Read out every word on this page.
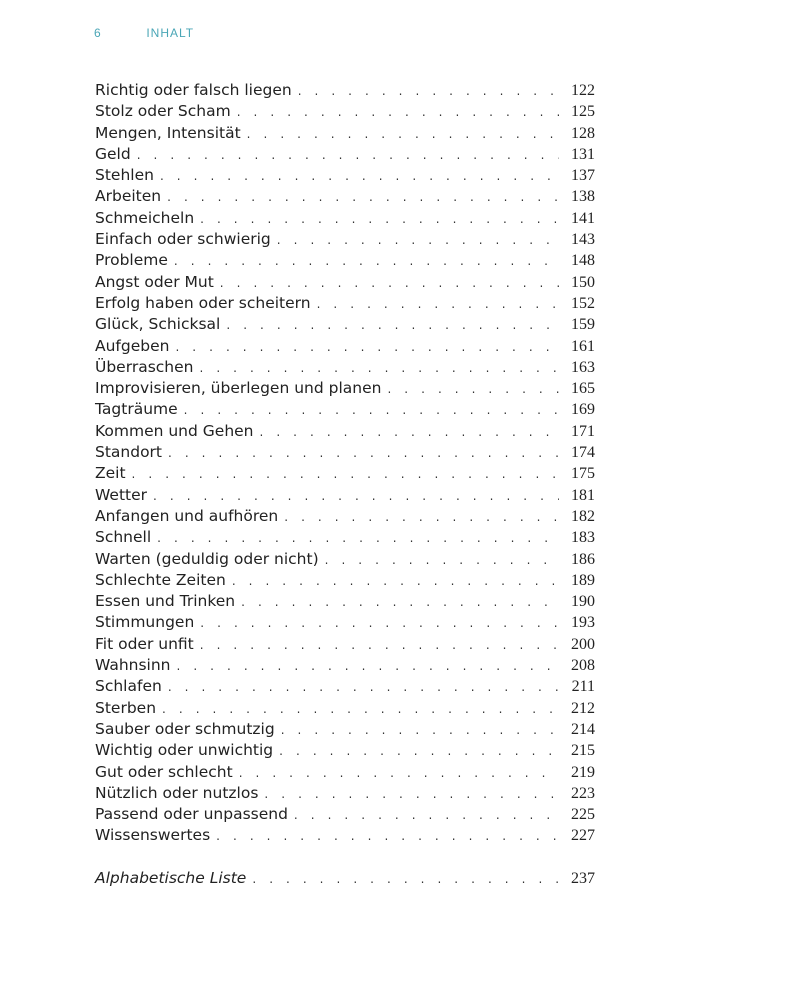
6	INHALT
Richtig oder falsch liegen . . .	122
Stolz oder Scham . . .	125
Mengen, Intensität . . .	128
Geld . . .	131
Stehlen . . .	137
Arbeiten . . .	138
Schmeicheln . . .	141
Einfach oder schwierig . . .	143
Probleme . . .	148
Angst oder Mut . . .	150
Erfolg haben oder scheitern . . .	152
Glück, Schicksal . . .	159
Aufgeben . . .	161
Überraschen . . .	163
Improvisieren, überlegen und planen . . .	165
Tagträume . . .	169
Kommen und Gehen . . .	171
Standort . . .	174
Zeit . . .	175
Wetter . . .	181
Anfangen und aufhören . . .	182
Schnell . . .	183
Warten (geduldig oder nicht) . . .	186
Schlechte Zeiten . . .	189
Essen und Trinken . . .	190
Stimmungen . . .	193
Fit oder unfit . . .	200
Wahnsinn . . .	208
Schlafen . . .	211
Sterben . . .	212
Sauber oder schmutzig . . .	214
Wichtig oder unwichtig . . .	215
Gut oder schlecht . . .	219
Nützlich oder nutzlos . . .	223
Passend oder unpassend . . .	225
Wissenswertes . . .	227
Alphabetische Liste . . .	237
